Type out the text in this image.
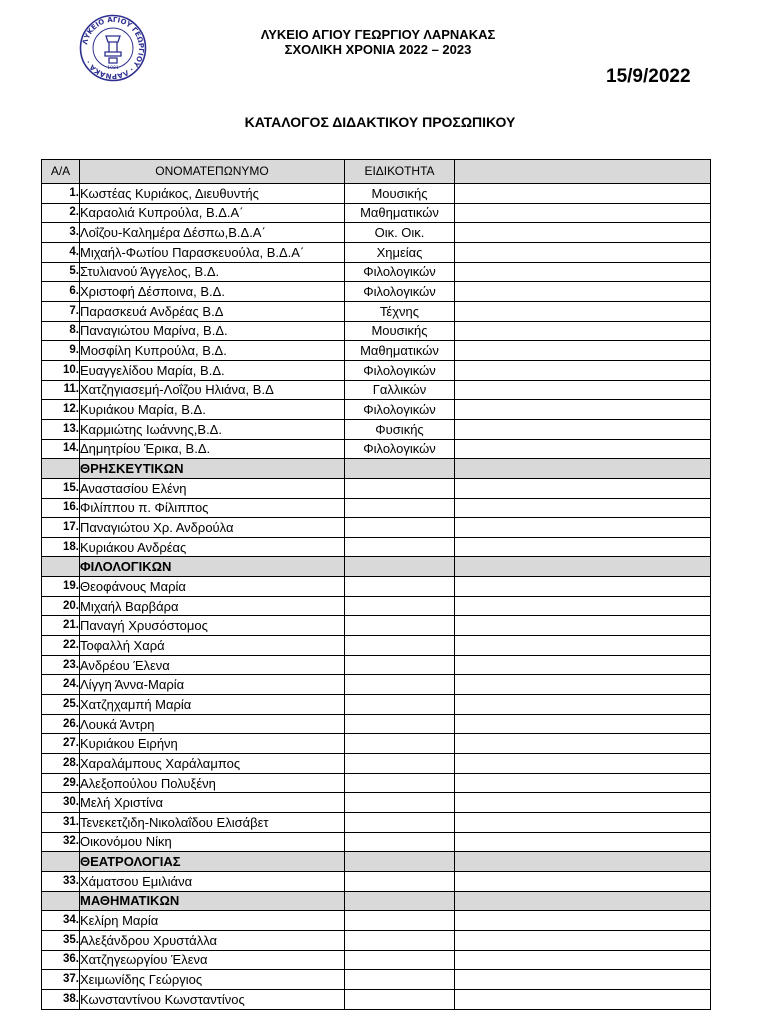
ΛΥΚΕΙΟ ΑΓΙΟΥ ΓΕΩΡΓΙΟΥ · ΛΑΡΝΑΚΑ ·
1981
ΛΥΚΕΙΟ ΑΓΙΟΥ ΓΕΩΡΓΙΟΥ ΛΑΡΝΑΚΑΣ
ΣΧΟΛΙΚΗ ΧΡΟΝΙΑ 2022 – 2023
15/9/2022
ΚΑΤΑΛΟΓΟΣ ΔΙΔΑΚΤΙΚΟΥ ΠΡΟΣΩΠΙΚΟΥ
Α/Α	ΟΝΟΜΑΤΕΠΩΝΥΜΟ	ΕΙΔΙΚΟΤΗΤΑ	
1.	Κωστέας Κυριάκος, Διευθυντής	Μουσικής	
2.	Καραολιά Κυπρούλα, Β.Δ.Α΄	Μαθηματικών	
3.	Λοΐζου-Καλημέρα Δέσπω,Β.Δ.Α΄	Οικ. Οικ.	
4.	Μιχαήλ-Φωτίου Παρασκευούλα, Β.Δ.Α΄	Χημείας	
5.	Στυλιανού Άγγελος, Β.Δ.	Φιλολογικών	
6.	Χριστοφή Δέσποινα, Β.Δ.	Φιλολογικών	
7.	Παρασκευά Ανδρέας Β.Δ	Τέχνης	
8.	Παναγιώτου Μαρίνα, Β.Δ.	Μουσικής	
9.	Μοσφίλη Κυπρούλα, Β.Δ.	Μαθηματικών	
10.	Ευαγγελίδου Μαρία, Β.Δ.	Φιλολογικών	
11.	Χατζηγιασεμή-Λοΐζου Ηλιάνα, Β.Δ	Γαλλικών	
12.	Κυριάκου Μαρία, Β.Δ.	Φιλολογικών	
13.	Καρμιώτης Ιωάννης,Β.Δ.	Φυσικής	
14.	Δημητρίου Έρικα, Β.Δ.	Φιλολογικών	
	ΘΡΗΣΚΕΥΤΙΚΩΝ		
15.	Αναστασίου Ελένη		
16.	Φιλίππου π. Φίλιππος		
17.	Παναγιώτου Χρ. Ανδρούλα		
18.	Κυριάκου Ανδρέας		
	ΦΙΛΟΛΟΓΙΚΩΝ		
19.	Θεοφάνους Μαρία		
20.	Μιχαήλ Βαρβάρα		
21.	Παναγή Χρυσόστομος		
22.	Τοφαλλή Χαρά		
23.	Ανδρέου Έλενα		
24.	Λίγγη Άννα-Μαρία		
25.	Χατζηχαμπή Μαρία		
26.	Λουκά Άντρη		
27.	Κυριάκου Ειρήνη		
28.	Χαραλάμπους Χαράλαμπος		
29.	Αλεξοπούλου Πολυξένη		
30.	Μελή Χριστίνα		
31.	Τενεκετζιδη-Νικολαΐδου Ελισάβετ		
32.	Οικονόμου Νίκη		
	ΘΕΑΤΡΟΛΟΓΙΑΣ		
33.	Χάματσου Εμιλιάνα		
	ΜΑΘΗΜΑΤΙΚΩΝ		
34.	Κελίρη Μαρία		
35.	Αλεξάνδρου Χρυστάλλα		
36.	Χατζηγεωργίου Έλενα		
37.	Χειμωνίδης Γεώργιος		
38.	Κωνσταντίνου Κωνσταντίνος		
